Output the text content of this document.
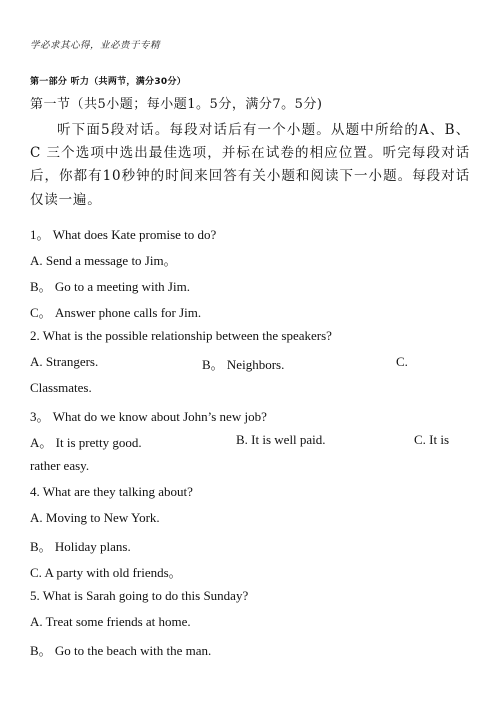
学必求其心得，业必贵于专精
第一部分 听力（共两节，满分30分）
第一节（共5小题；每小题1。5分，满分7。5分)
听下面5段对话。每段对话后有一个小题。从题中所给的A、B、C 三个选项中选出最佳选项，并标在试卷的相应位置。听完每段对话后，你都有10秒钟的时间来回答有关小题和阅读下一小题。每段对话仅读一遍。
1。 What does Kate promise to do?
A. Send a message to Jim。
B。 Go to a meeting with Jim.
C。 Answer phone calls for Jim.
2. What is the possible relationship between the speakers?
A. Strangers.	B。 Neighbors.	C.
Classmates.
3。 What do we know about John’s new job?
A。 It is pretty good.	B. It is well paid.	C. It is
rather easy.
4. What are they talking about?
A. Moving to New York.
B。 Holiday plans.
C. A party with old friends。
5. What is Sarah going to do this Sunday?
A. Treat some friends at home.
B。 Go to the beach with the man.
